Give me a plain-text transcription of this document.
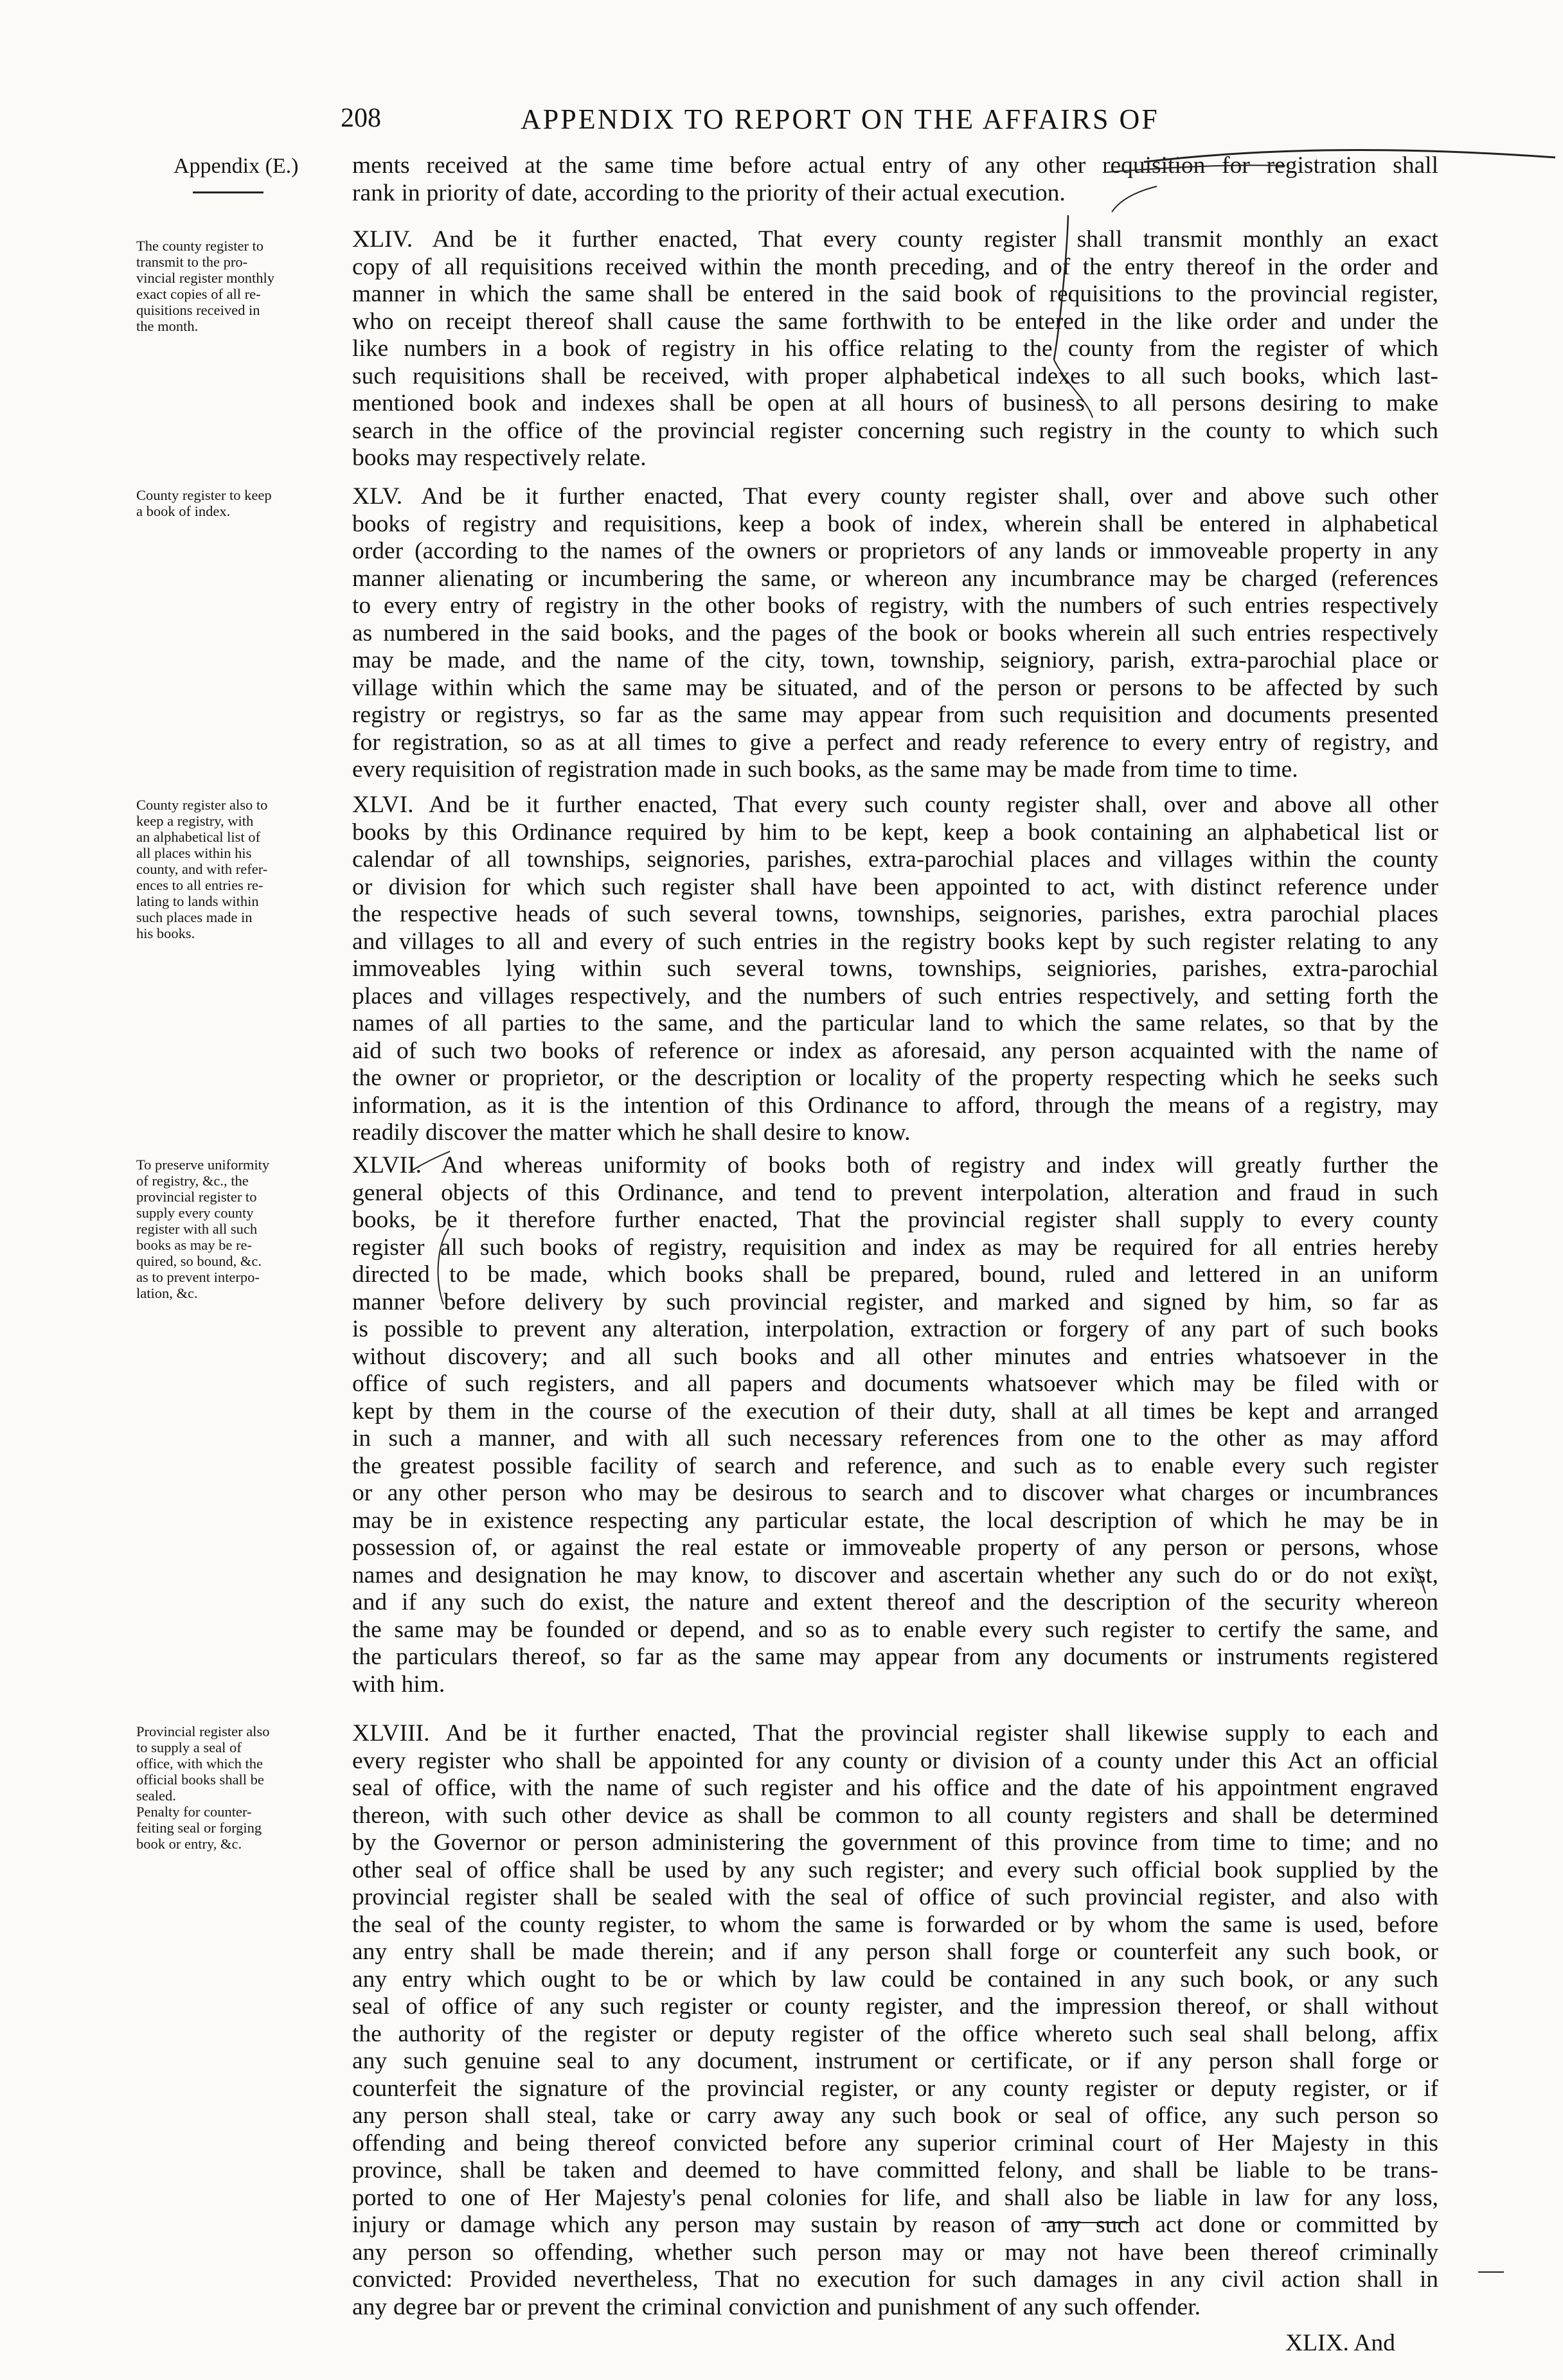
208	APPENDIX TO REPORT ON THE AFFAIRS OF
Appendix (E.) ments received at the same time before actual entry of any other requisition for registration shall

rank in priority of date, according to the priority of their actual execution.

XLIV. And be it further enacted, That every county register shall transmit monthly an exact

copy of all requisitions received within the month preceding, and of the entry thereof in the order and

manner in which the same shall be entered in the said book of requisitions to the provincial register,

who on receipt thereof shall cause the same forthwith to be entered in the like order and under the

like numbers in a book of registry in his office relating to the county from the register of which

such requisitions shall be received, with proper alphabetical indexes to all such books, which last-

mentioned book and indexes shall be open at all hours of business to all persons desiring to make

search in the office of the provincial register concerning such registry in the county to which such

books may respectively relate.

The county register to
transmit to the pro-
vincial register monthly
exact copies of all re-
quisitions received in
the month.

XLV. And be it further enacted, That every county register shall, over and above such other

books of registry and requisitions, keep a book of index, wherein shall be entered in alphabetical

order (according to the names of the owners or proprietors of any lands or immoveable property in any

manner alienating or incumbering the same, or whereon any incumbrance may be charged (references

to every entry of registry in the other books of registry, with the numbers of such entries respectively

as numbered in the said books, and the pages of the book or books wherein all such entries respectively

may be made, and the name of the city, town, township, seigniory, parish, extra-parochial place or

village within which the same may be situated, and of the person or persons to be affected by such

registry or registrys, so far as the same may appear from such requisition and documents presented

for registration, so as at all times to give a perfect and ready reference to every entry of registry, and

every requisition of registration made in such books, as the same may be made from time to time.

County register to keep
a book of index.

XLVI. And be it further enacted, That every such county register shall, over and above all other

books by this Ordinance required by him to be kept, keep a book containing an alphabetical list or

calendar of all townships, seignories, parishes, extra-parochial places and villages within the county

or division for which such register shall have been appointed to act, with distinct reference under

the respective heads of such several towns, townships, seignories, parishes, extra parochial places

and villages to all and every of such entries in the registry books kept by such register relating to any

immoveables lying within such several towns, townships, seigniories, parishes, extra-parochial

places and villages respectively, and the numbers of such entries respectively, and setting forth the

names of all parties to the same, and the particular land to which the same relates, so that by the

aid of such two books of reference or index as aforesaid, any person acquainted with the name of

the owner or proprietor, or the description or locality of the property respecting which he seeks such

information, as it is the intention of this Ordinance to afford, through the means of a registry, may

readily discover the matter which he shall desire to know.

County register also to
keep a registry, with
an alphabetical list of
all places within his
county, and with refer-
ences to all entries re-
lating to lands within
such places made in
his books.

XLVII. And whereas uniformity of books both of registry and index will greatly further the

general objects of this Ordinance, and tend to prevent interpolation, alteration and fraud in such

books, be it therefore further enacted, That the provincial register shall supply to every county

register all such books of registry, requisition and index as may be required for all entries hereby

directed to be made, which books shall be prepared, bound, ruled and lettered in an uniform

manner before delivery by such provincial register, and marked and signed by him, so far as

is possible to prevent any alteration, interpolation, extraction or forgery of any part of such books

without discovery; and all such books and all other minutes and entries whatsoever in the

office of such registers, and all papers and documents whatsoever which may be filed with or

kept by them in the course of the execution of their duty, shall at all times be kept and arranged

in such a manner, and with all such necessary references from one to the other as may afford

the greatest possible facility of search and reference, and such as to enable every such register

or any other person who may be desirous to search and to discover what charges or incumbrances

may be in existence respecting any particular estate, the local description of which he may be in

possession of, or against the real estate or immoveable property of any person or persons, whose

names and designation he may know, to discover and ascertain whether any such do or do not exist,

and if any such do exist, the nature and extent thereof and the description of the security whereon

the same may be founded or depend, and so as to enable every such register to certify the same, and

the particulars thereof, so far as the same may appear from any documents or instruments registered

with him.

To preserve uniformity
of registry, &c., the
provincial register to
supply every county
register with all such
books as may be re-
quired, so bound, &c.
as to prevent interpo-
lation, &c.

XLVIII. And be it further enacted, That the provincial register shall likewise supply to each and

every register who shall be appointed for any county or division of a county under this Act an official

seal of office, with the name of such register and his office and the date of his appointment engraved

thereon, with such other device as shall be common to all county registers and shall be determined

by the Governor or person administering the government of this province from time to time; and no

other seal of office shall be used by any such register; and every such official book supplied by the

provincial register shall be sealed with the seal of office of such provincial register, and also with

the seal of the county register, to whom the same is forwarded or by whom the same is used, before

any entry shall be made therein; and if any person shall forge or counterfeit any such book, or

any entry which ought to be or which by law could be contained in any such book, or any such

seal of office of any such register or county register, and the impression thereof, or shall without

the authority of the register or deputy register of the office whereto such seal shall belong, affix

any such genuine seal to any document, instrument or certificate, or if any person shall forge or

counterfeit the signature of the provincial register, or any county register or deputy register, or if

any person shall steal, take or carry away any such book or seal of office, any such person so

offending and being thereof convicted before any superior criminal court of Her Majesty in this

province, shall be taken and deemed to have committed felony, and shall be liable to be trans-

ported to one of Her Majesty's penal colonies for life, and shall also be liable in law for any loss,

injury or damage which any person may sustain by reason of any such act done or committed by

any person so offending, whether such person may or may not have been thereof criminally

convicted: Provided nevertheless, That no execution for such damages in any civil action shall in

any degree bar or prevent the criminal conviction and punishment of any such offender.

Provincial register also
to supply a seal of
office, with which the
official books shall be
sealed.
Penalty for counter-
feiting seal or forging
book or entry, &c.
XLIX. And
